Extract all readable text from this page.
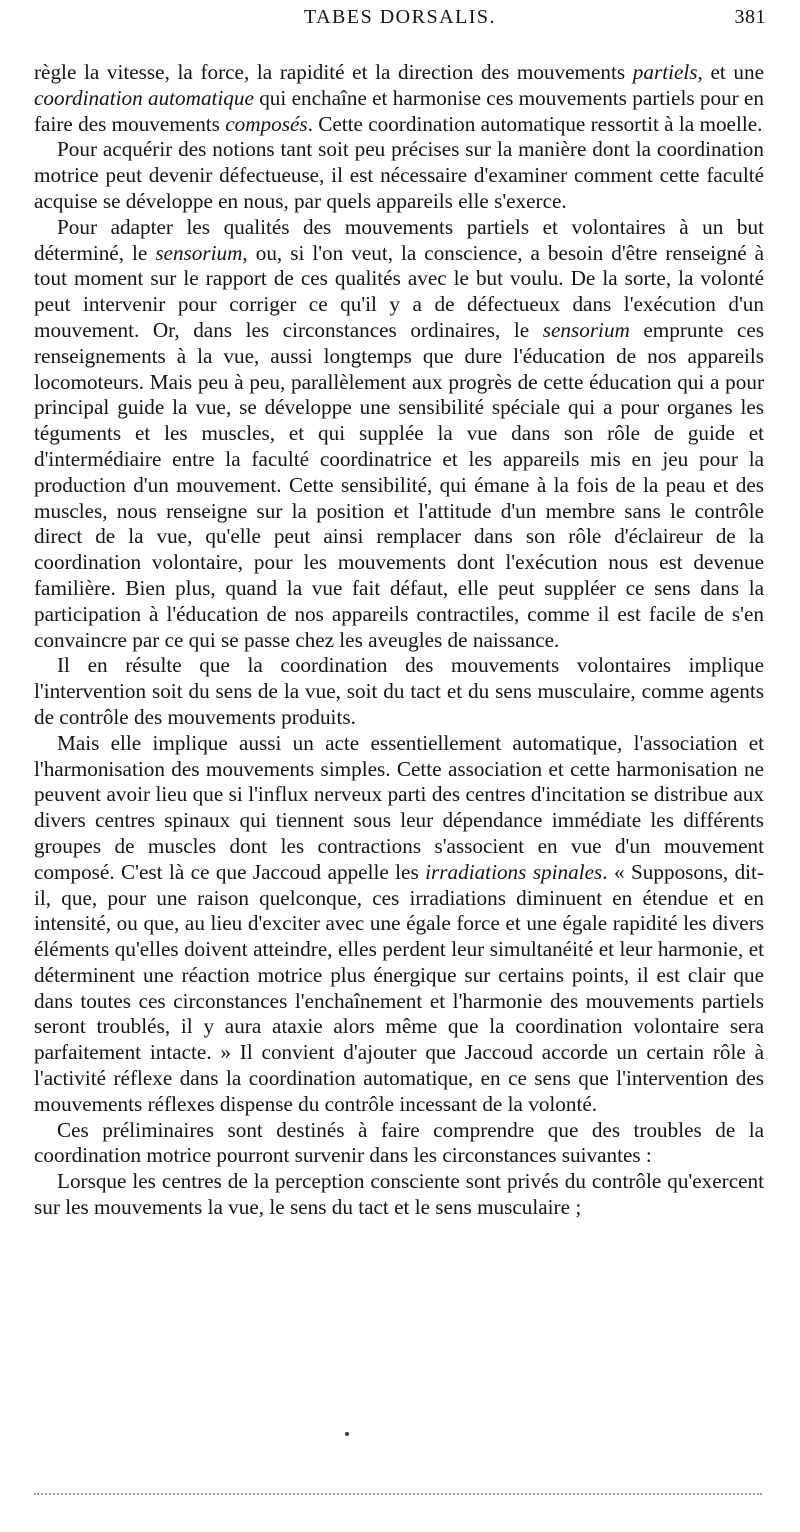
TABES DORSALIS.	381

règle la vitesse, la force, la rapidité et la direction des mouvements partiels, et une coordination automatique qui enchaîne et harmonise ces mouvements partiels pour en faire des mouvements composés. Cette coordination automatique ressortit à la moelle.

Pour acquérir des notions tant soit peu précises sur la manière dont la coordination motrice peut devenir défectueuse, il est nécessaire d'examiner comment cette faculté acquise se développe en nous, par quels appareils elle s'exerce.

Pour adapter les qualités des mouvements partiels et volontaires à un but déterminé, le sensorium, ou, si l'on veut, la conscience, a besoin d'être renseigné à tout moment sur le rapport de ces qualités avec le but voulu. De la sorte, la volonté peut intervenir pour corriger ce qu'il y a de défectueux dans l'exécution d'un mouvement. Or, dans les circonstances ordinaires, le sensorium emprunte ces renseignements à la vue, aussi longtemps que dure l'éducation de nos appareils locomoteurs. Mais peu à peu, parallèlement aux progrès de cette éducation qui a pour principal guide la vue, se développe une sensibilité spéciale qui a pour organes les téguments et les muscles, et qui supplée la vue dans son rôle de guide et d'intermédiaire entre la faculté coordinatrice et les appareils mis en jeu pour la production d'un mouvement. Cette sensibilité, qui émane à la fois de la peau et des muscles, nous renseigne sur la position et l'attitude d'un membre sans le contrôle direct de la vue, qu'elle peut ainsi remplacer dans son rôle d'éclaireur de la coordination volontaire, pour les mouvements dont l'exécution nous est devenue familière. Bien plus, quand la vue fait défaut, elle peut suppléer ce sens dans la participation à l'éducation de nos appareils contractiles, comme il est facile de s'en convaincre par ce qui se passe chez les aveugles de naissance.

Il en résulte que la coordination des mouvements volontaires implique l'intervention soit du sens de la vue, soit du tact et du sens musculaire, comme agents de contrôle des mouvements produits.

Mais elle implique aussi un acte essentiellement automatique, l'association et l'harmonisation des mouvements simples. Cette association et cette harmonisation ne peuvent avoir lieu que si l'influx nerveux parti des centres d'incitation se distribue aux divers centres spinaux qui tiennent sous leur dépendance immédiate les différents groupes de muscles dont les contractions s'associent en vue d'un mouvement composé. C'est là ce que Jaccoud appelle les irradiations spinales. « Supposons, dit-il, que, pour une raison quelconque, ces irradiations diminuent en étendue et en intensité, ou que, au lieu d'exciter avec une égale force et une égale rapidité les divers éléments qu'elles doivent atteindre, elles perdent leur simultanéité et leur harmonie, et déterminent une réaction motrice plus énergique sur certains points, il est clair que dans toutes ces circonstances l'enchaînement et l'harmonie des mouvements partiels seront troublés, il y aura ataxie alors même que la coordination volontaire sera parfaitement intacte. » Il convient d'ajouter que Jaccoud accorde un certain rôle à l'activité réflexe dans la coordination automatique, en ce sens que l'intervention des mouvements réflexes dispense du contrôle incessant de la volonté.

Ces préliminaires sont destinés à faire comprendre que des troubles de la coordination motrice pourront survenir dans les circonstances suivantes :

Lorsque les centres de la perception consciente sont privés du contrôle qu'exercent sur les mouvements la vue, le sens du tact et le sens musculaire ;
